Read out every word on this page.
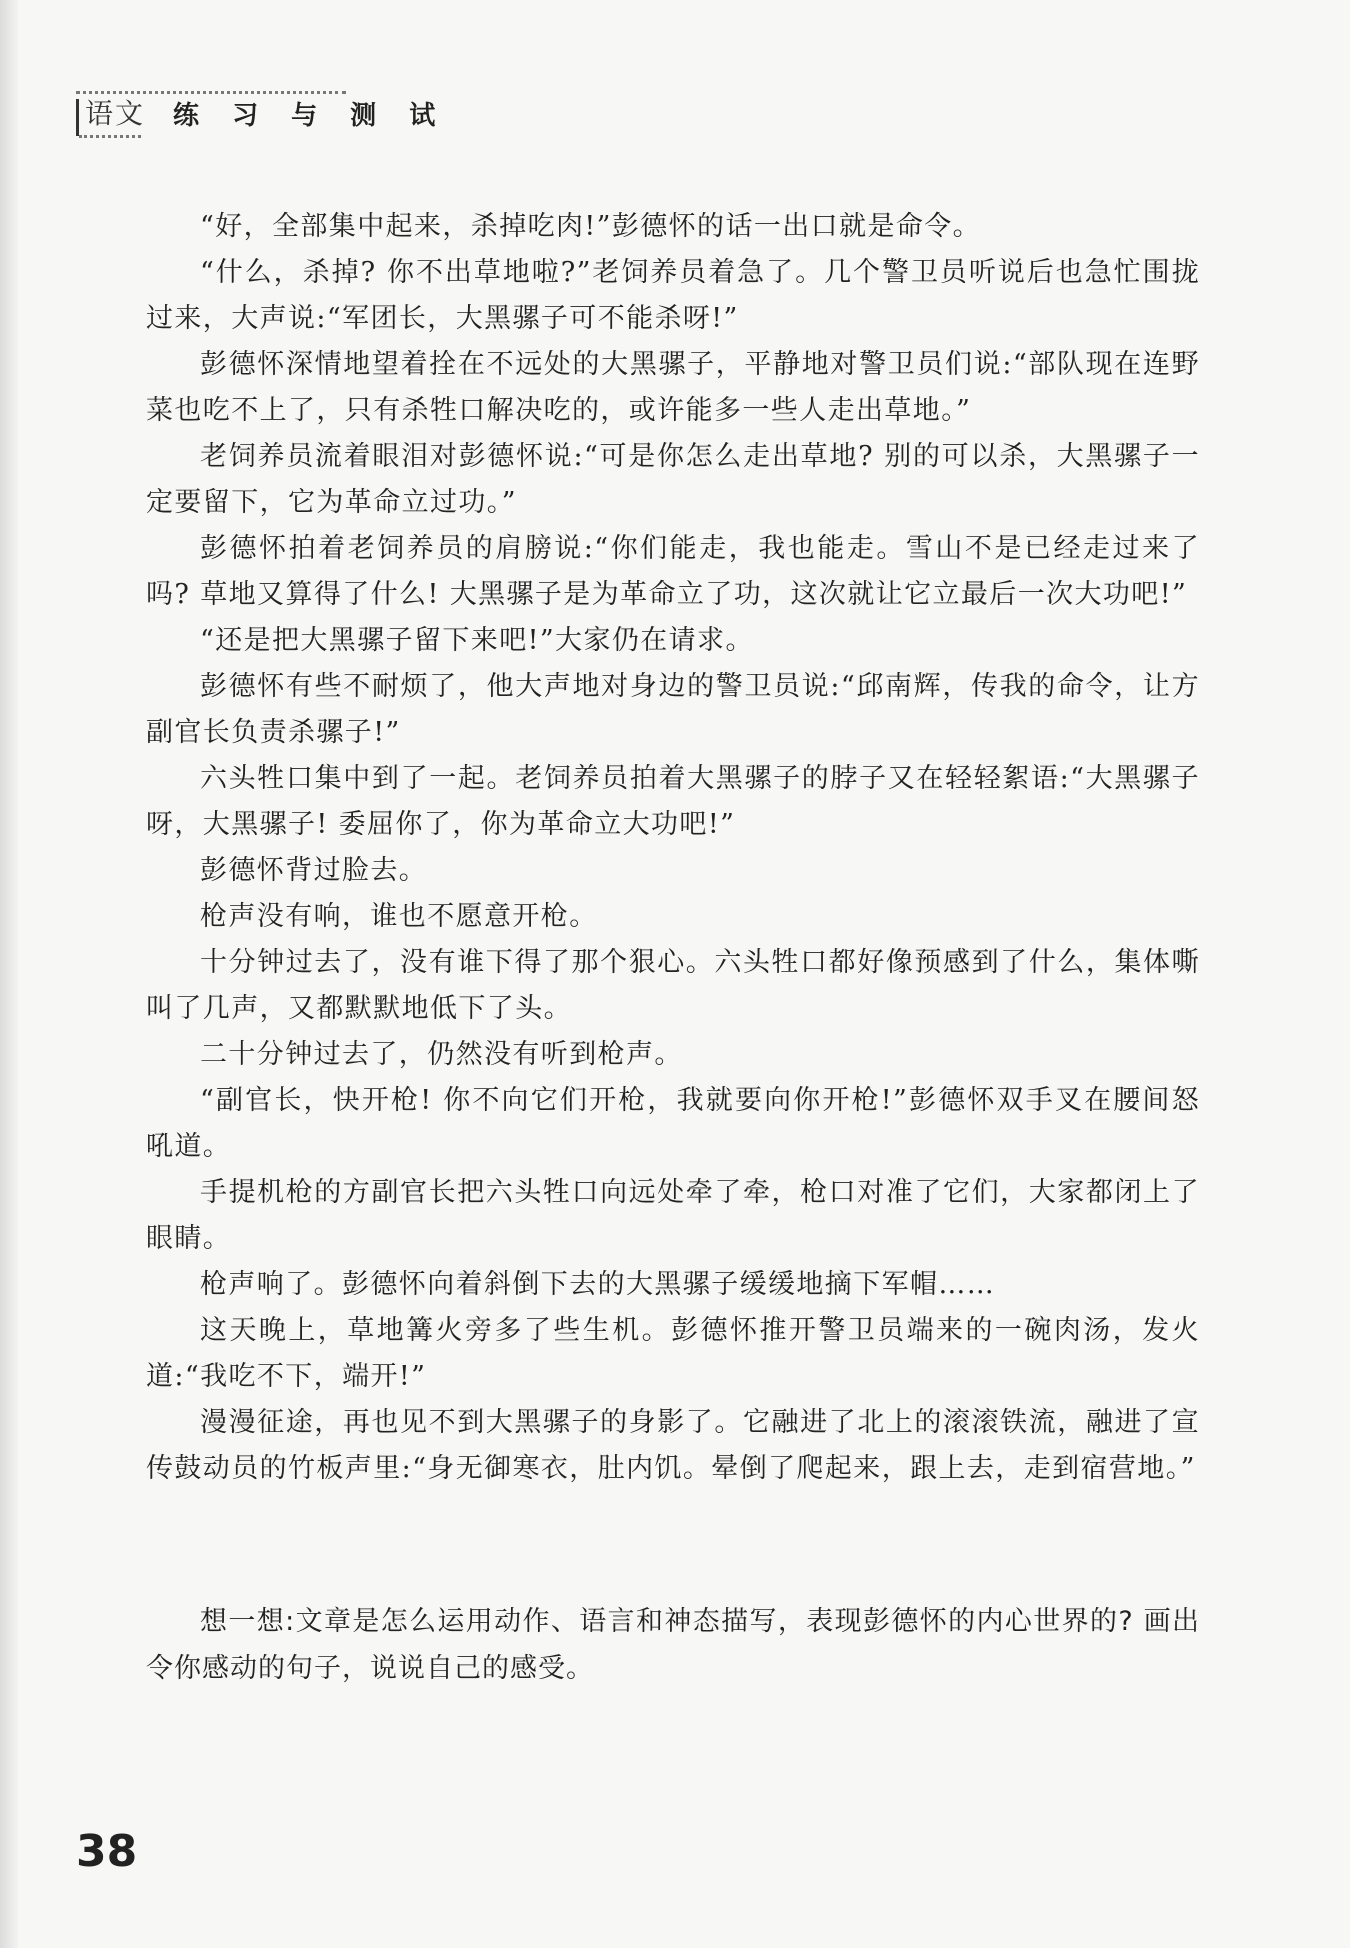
语文	练 习 与 测 试

“好，全部集中起来，杀掉吃肉!”彭德怀的话一出口就是命令。

“什么，杀掉? 你不出草地啦?”老饲养员着急了。几个警卫员听说后也急忙围拢过来，大声说:“军团长，大黑骡子可不能杀呀!”

彭德怀深情地望着拴在不远处的大黑骡子，平静地对警卫员们说:“部队现在连野菜也吃不上了，只有杀牲口解决吃的，或许能多一些人走出草地。”

老饲养员流着眼泪对彭德怀说:“可是你怎么走出草地? 别的可以杀，大黑骡子一定要留下，它为革命立过功。”

彭德怀拍着老饲养员的肩膀说:“你们能走，我也能走。雪山不是已经走过来了吗? 草地又算得了什么! 大黑骡子是为革命立了功，这次就让它立最后一次大功吧!”

“还是把大黑骡子留下来吧!”大家仍在请求。

彭德怀有些不耐烦了，他大声地对身边的警卫员说:“邱南辉，传我的命令，让方副官长负责杀骡子!”

六头牲口集中到了一起。老饲养员拍着大黑骡子的脖子又在轻轻絮语:“大黑骡子呀，大黑骡子! 委屈你了，你为革命立大功吧!”

彭德怀背过脸去。

枪声没有响，谁也不愿意开枪。

十分钟过去了，没有谁下得了那个狠心。六头牲口都好像预感到了什么，集体嘶叫了几声，又都默默地低下了头。

二十分钟过去了，仍然没有听到枪声。

“副官长，快开枪! 你不向它们开枪，我就要向你开枪!”彭德怀双手叉在腰间怒吼道。

手提机枪的方副官长把六头牲口向远处牵了牵，枪口对准了它们，大家都闭上了眼睛。

枪声响了。彭德怀向着斜倒下去的大黑骡子缓缓地摘下军帽……

这天晚上，草地篝火旁多了些生机。彭德怀推开警卫员端来的一碗肉汤，发火道:“我吃不下，端开!”

漫漫征途，再也见不到大黑骡子的身影了。它融进了北上的滚滚铁流，融进了宣传鼓动员的竹板声里:“身无御寒衣，肚内饥。晕倒了爬起来，跟上去，走到宿营地。”

想一想:文章是怎么运用动作、语言和神态描写，表现彭德怀的内心世界的? 画出令你感动的句子，说说自己的感受。

38
